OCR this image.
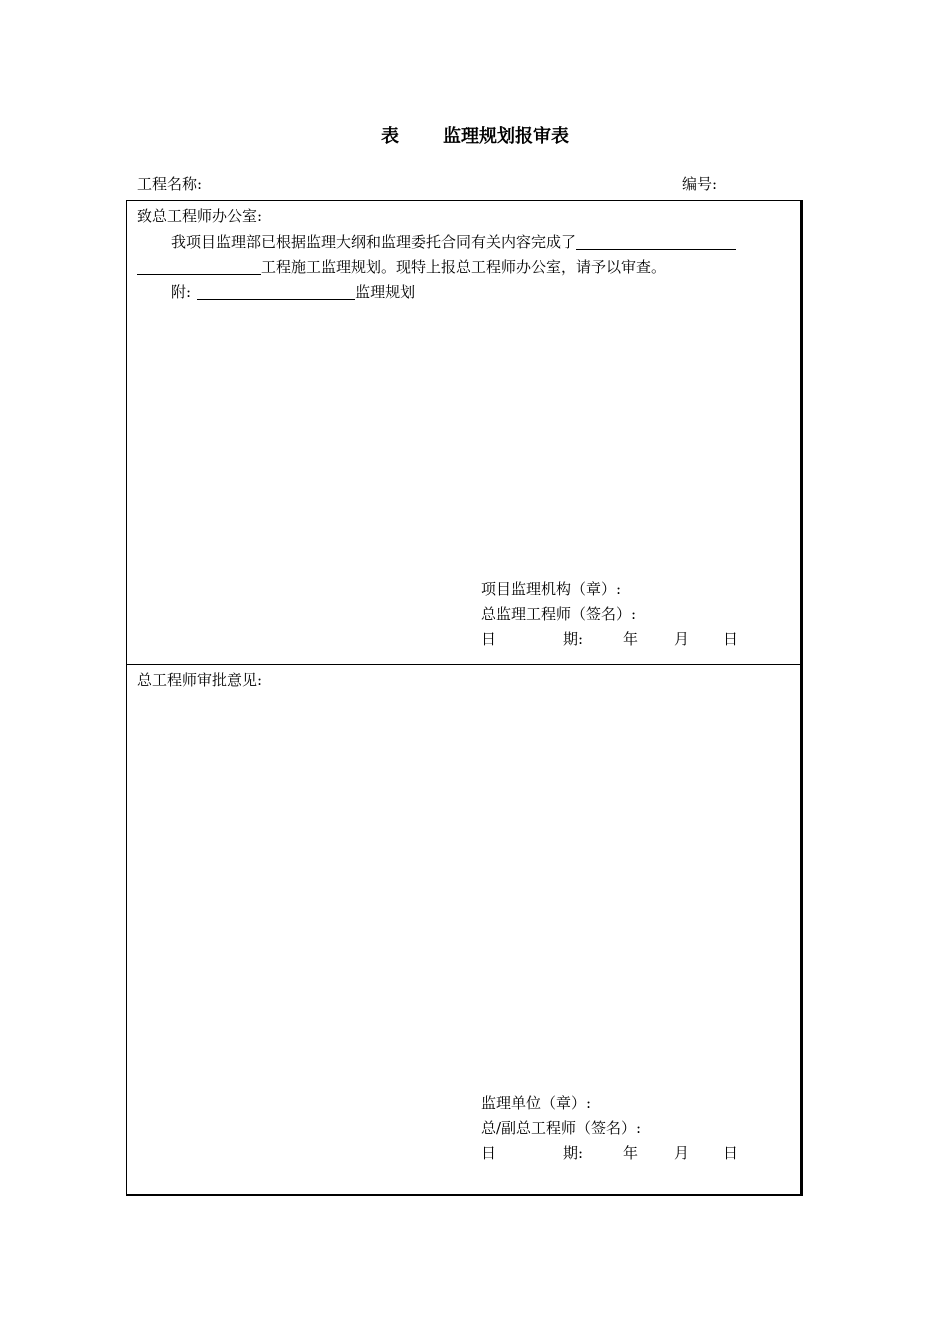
表 监理规划报审表
工程名称:	编号:
致总工程师办公室:
我项目监理部已根据监理大纲和监理委托合同有关内容完成了
工程施工监理规划。现特上报总工程师办公室，请予以审查。
附:	监理规划
项目监理机构（章）:
总监理工程师（签名）:
日	期:	年 月 日
总工程师审批意见:
监理单位（章）:
总/副总工程师（签名）:
日	期:	年 月 日
